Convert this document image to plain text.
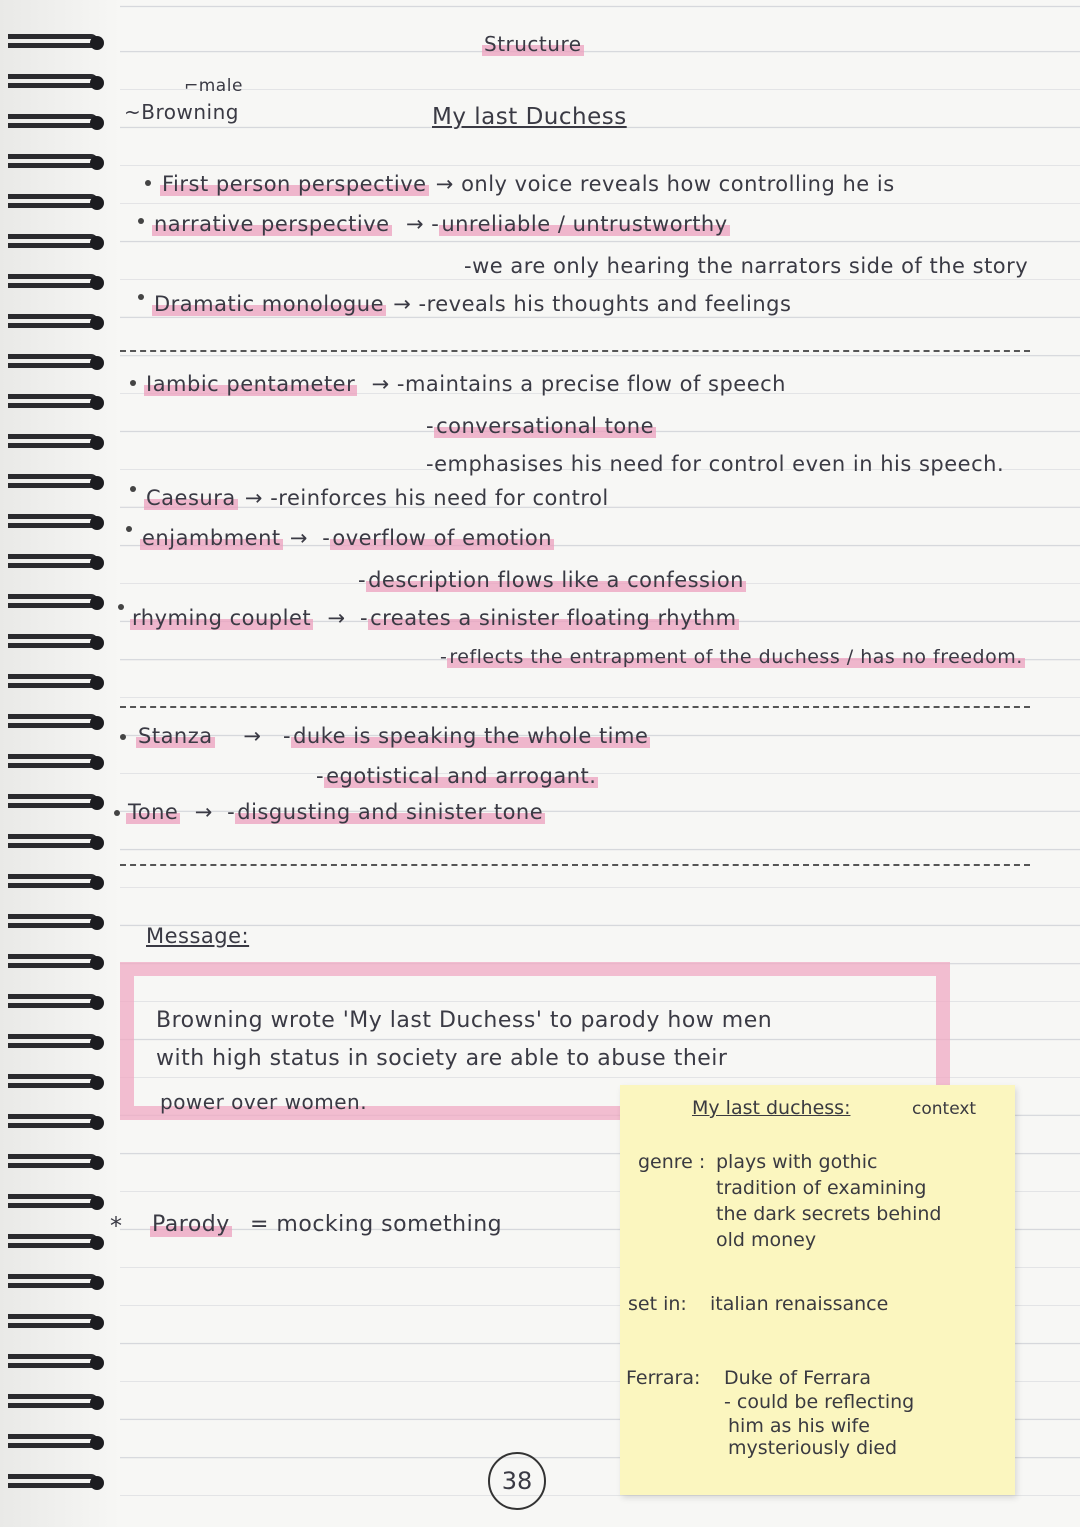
Structure
⌐male
~Browning	My last Duchess
First person perspective → only voice reveals how controlling he is
narrative perspective  → -unreliable / untrustworthy
-we are only hearing the narrators side of the story
Dramatic monologue → -reveals his thoughts and feelings
Iambic pentameter  → -maintains a precise flow of speech
-conversational tone
-emphasises his need for control even in his speech.
Caesura → -reinforces his need for control
enjambment →  -overflow of emotion
-description flows like a confession
rhyming couplet  →  -creates a sinister floating rhythm
- reflects the entrapment of the duchess / has no freedom.
Stanza    →   -duke is speaking the whole time
-egotistical and arrogant.
Tone  →  -disgusting and sinister tone
Message:
Browning wrote 'My last Duchess' to parody how men
with high status in society are able to abuse their
power over women.
* Parody = mocking something
My last duchess:	context
genre : plays with gothic
tradition of examining
the dark secrets behind
old money
set in: italian renaissance
Ferrara: Duke of Ferrara
- could be reflecting
him as his wife
mysteriously died
38
